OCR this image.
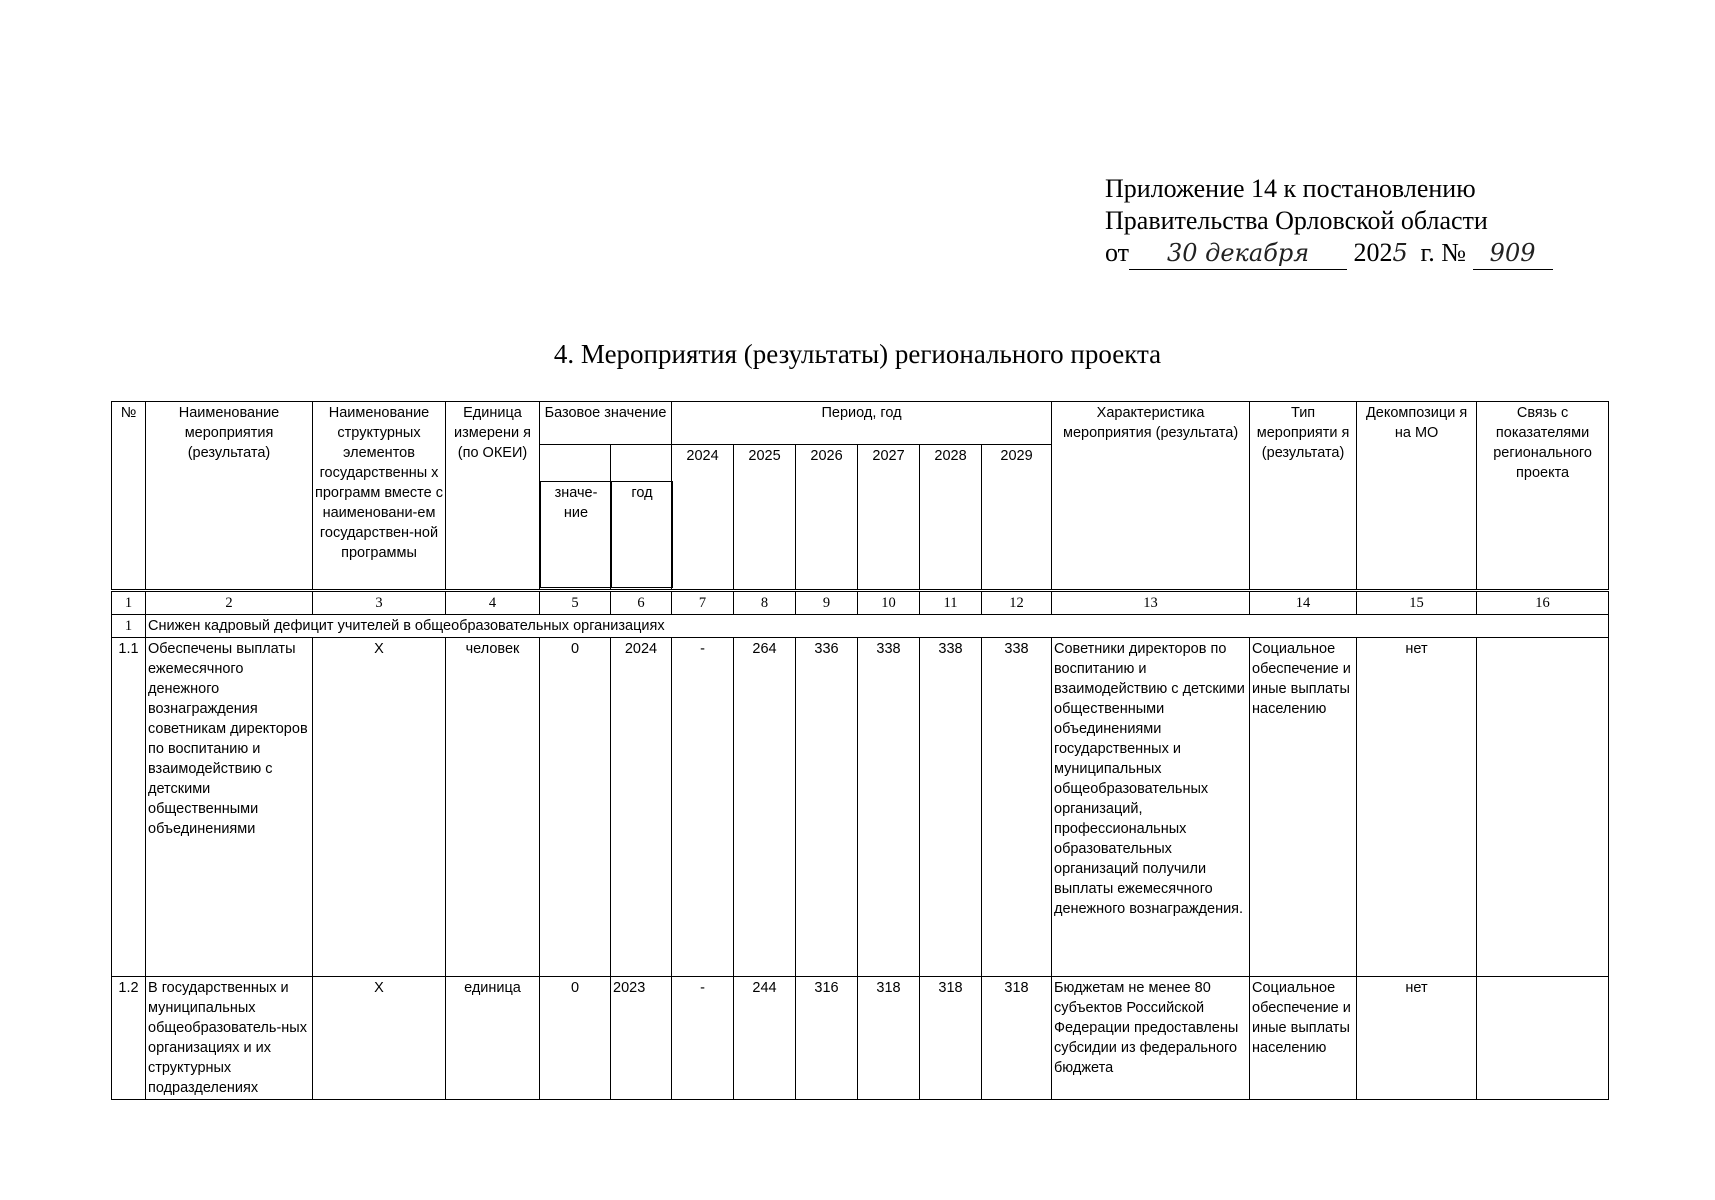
Приложение 14 к постановлению
Правительства Орловской области
от 30 декабря 2025 г. № 909
4. Мероприятия (результаты) регионального проекта
№	Наименование мероприятия (результата)	Наименование структурных элементов государственны х программ вместе с наименовани-ем государствен-ной программы	Единица измерени я (по ОКЕИ)	Базовое значение		Период, год						Характеристика мероприятия (результата)	Тип мероприяти я (результата)	Декомпозици я на МО	Связь с показателями регионального проекта
						2024	2025	2026	2027	2028	2029				

значе-ние	год
1	2	3	4	5	6	7	8	9	10	11	12	13	14	15	16
1	Снижен кадровый дефицит учителей в общеобразовательных организациях														
1.1	Обеспечены выплаты ежемесячного денежного вознаграждения советникам директоров по воспитанию и взаимодействию с детскими общественными объединениями	X	человек	0	2024	-	264	336	338	338	338	Советники директоров по воспитанию и взаимодействию с детскими общественными объединениями государственных и муниципальных общеобразовательных организаций, профессиональных образовательных организаций получили выплаты ежемесячного денежного вознаграждения.	Социальное обеспечение и иные выплаты населению	нет	
1.2	В государственных и муниципальных общеобразователь-ных организациях и их структурных подразделениях	X	единица	0	2023	-	244	316	318	318	318	Бюджетам не менее 80 субъектов Российской Федерации предоставлены субсидии из федерального бюджета	Социальное обеспечение и иные выплаты населению	нет	
